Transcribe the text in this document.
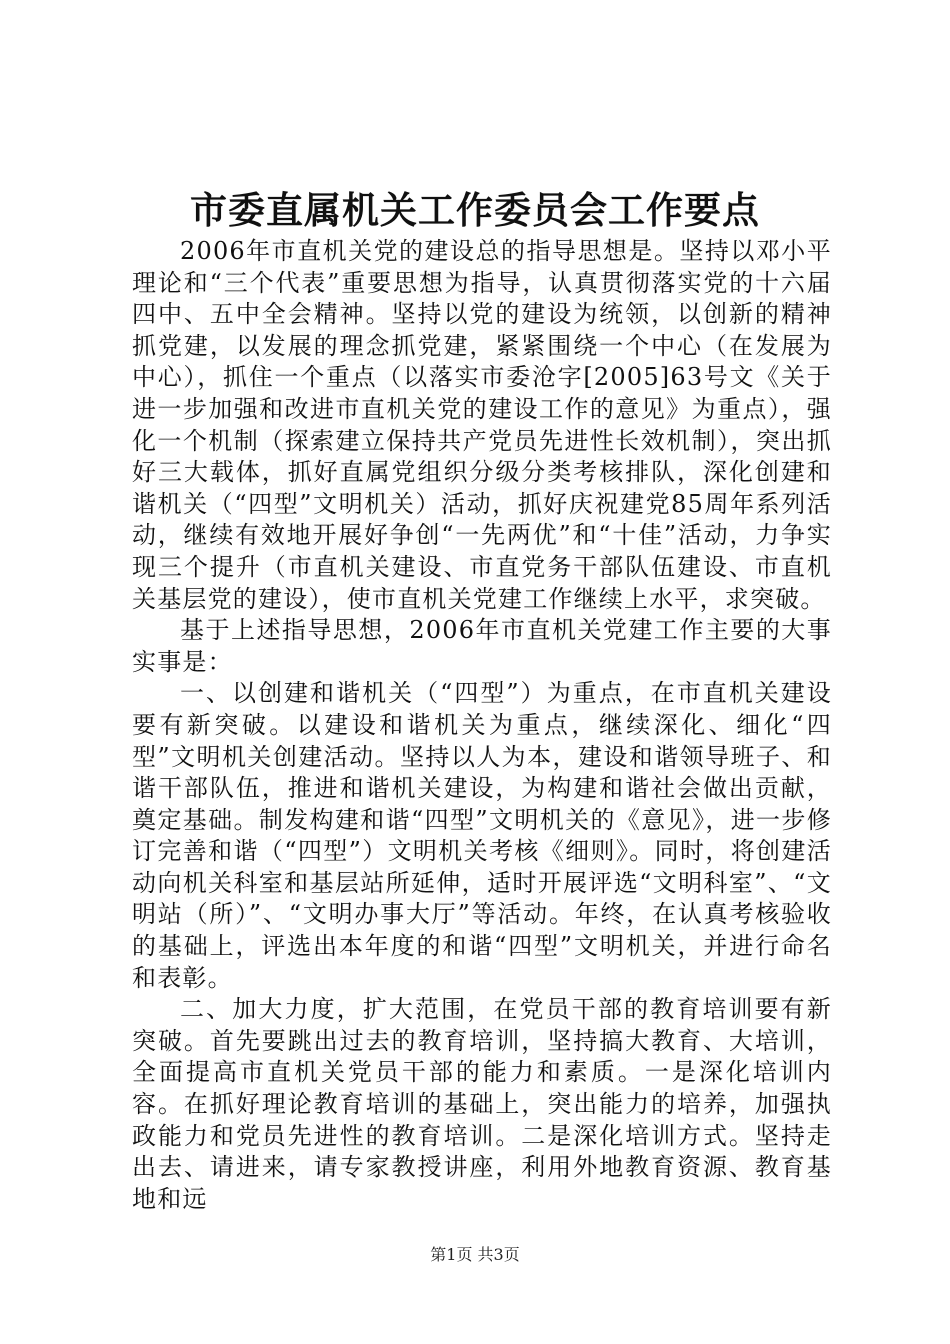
市委直属机关工作委员会工作要点

2006年市直机关党的建设总的指导思想是。坚持以邓小平理论和“三个代表”重要思想为指导，认真贯彻落实党的十六届四中、五中全会精神。坚持以党的建设为统领，以创新的精神抓党建，以发展的理念抓党建，紧紧围绕一个中心（在发展为中心），抓住一个重点（以落实市委沧字[2005]63号文《关于进一步加强和改进市直机关党的建设工作的意见》为重点），强化一个机制（探索建立保持共产党员先进性长效机制），突出抓好三大载体，抓好直属党组织分级分类考核排队，深化创建和谐机关（“四型”文明机关）活动，抓好庆祝建党85周年系列活动，继续有效地开展好争创“一先两优”和“十佳”活动，力争实现三个提升（市直机关建设、市直党务干部队伍建设、市直机关基层党的建设），使市直机关党建工作继续上水平，求突破。

基于上述指导思想，2006年市直机关党建工作主要的大事实事是：

一、以创建和谐机关（“四型”）为重点，在市直机关建设要有新突破。以建设和谐机关为重点，继续深化、细化“四型”文明机关创建活动。坚持以人为本，建设和谐领导班子、和谐干部队伍，推进和谐机关建设，为构建和谐社会做出贡献，奠定基础。制发构建和谐“四型”文明机关的《意见》，进一步修订完善和谐（“四型”）文明机关考核《细则》。同时，将创建活动向机关科室和基层站所延伸，适时开展评选“文明科室”、“文明站（所）”、“文明办事大厅”等活动。年终，在认真考核验收的基础上，评选出本年度的和谐“四型”文明机关，并进行命名和表彰。

二、加大力度，扩大范围，在党员干部的教育培训要有新突破。首先要跳出过去的教育培训，坚持搞大教育、大培训，全面提高市直机关党员干部的能力和素质。一是深化培训内容。在抓好理论教育培训的基础上，突出能力的培养，加强执政能力和党员先进性的教育培训。二是深化培训方式。坚持走出去、请进来，请专家教授讲座，利用外地教育资源、教育基地和远

第1页 共3页
